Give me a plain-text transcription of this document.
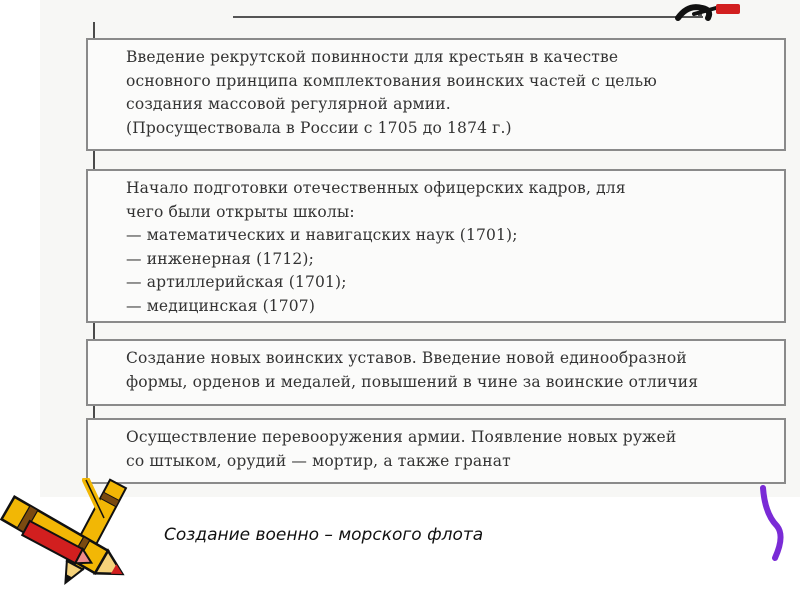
Введение рекрутской повинности для крестьян в качестве
основного принципа комплектования воинских частей с целью
создания массовой регулярной армии.
(Просуществовала в России с 1705 до 1874 г.)
Начало подготовки отечественных офицерских кадров, для
чего были открыты школы:
— математических и навигацских наук (1701);
— инженерная (1712);
— артиллерийская (1701);
— медицинская (1707)
Создание новых воинских уставов. Введение новой единообразной
формы, орденов и медалей, повышений в чине за воинские отличия
Осуществление перевооружения армии. Появление новых ружей
со штыком, орудий — мортир, а также гранат
Создание военно – морского флота
